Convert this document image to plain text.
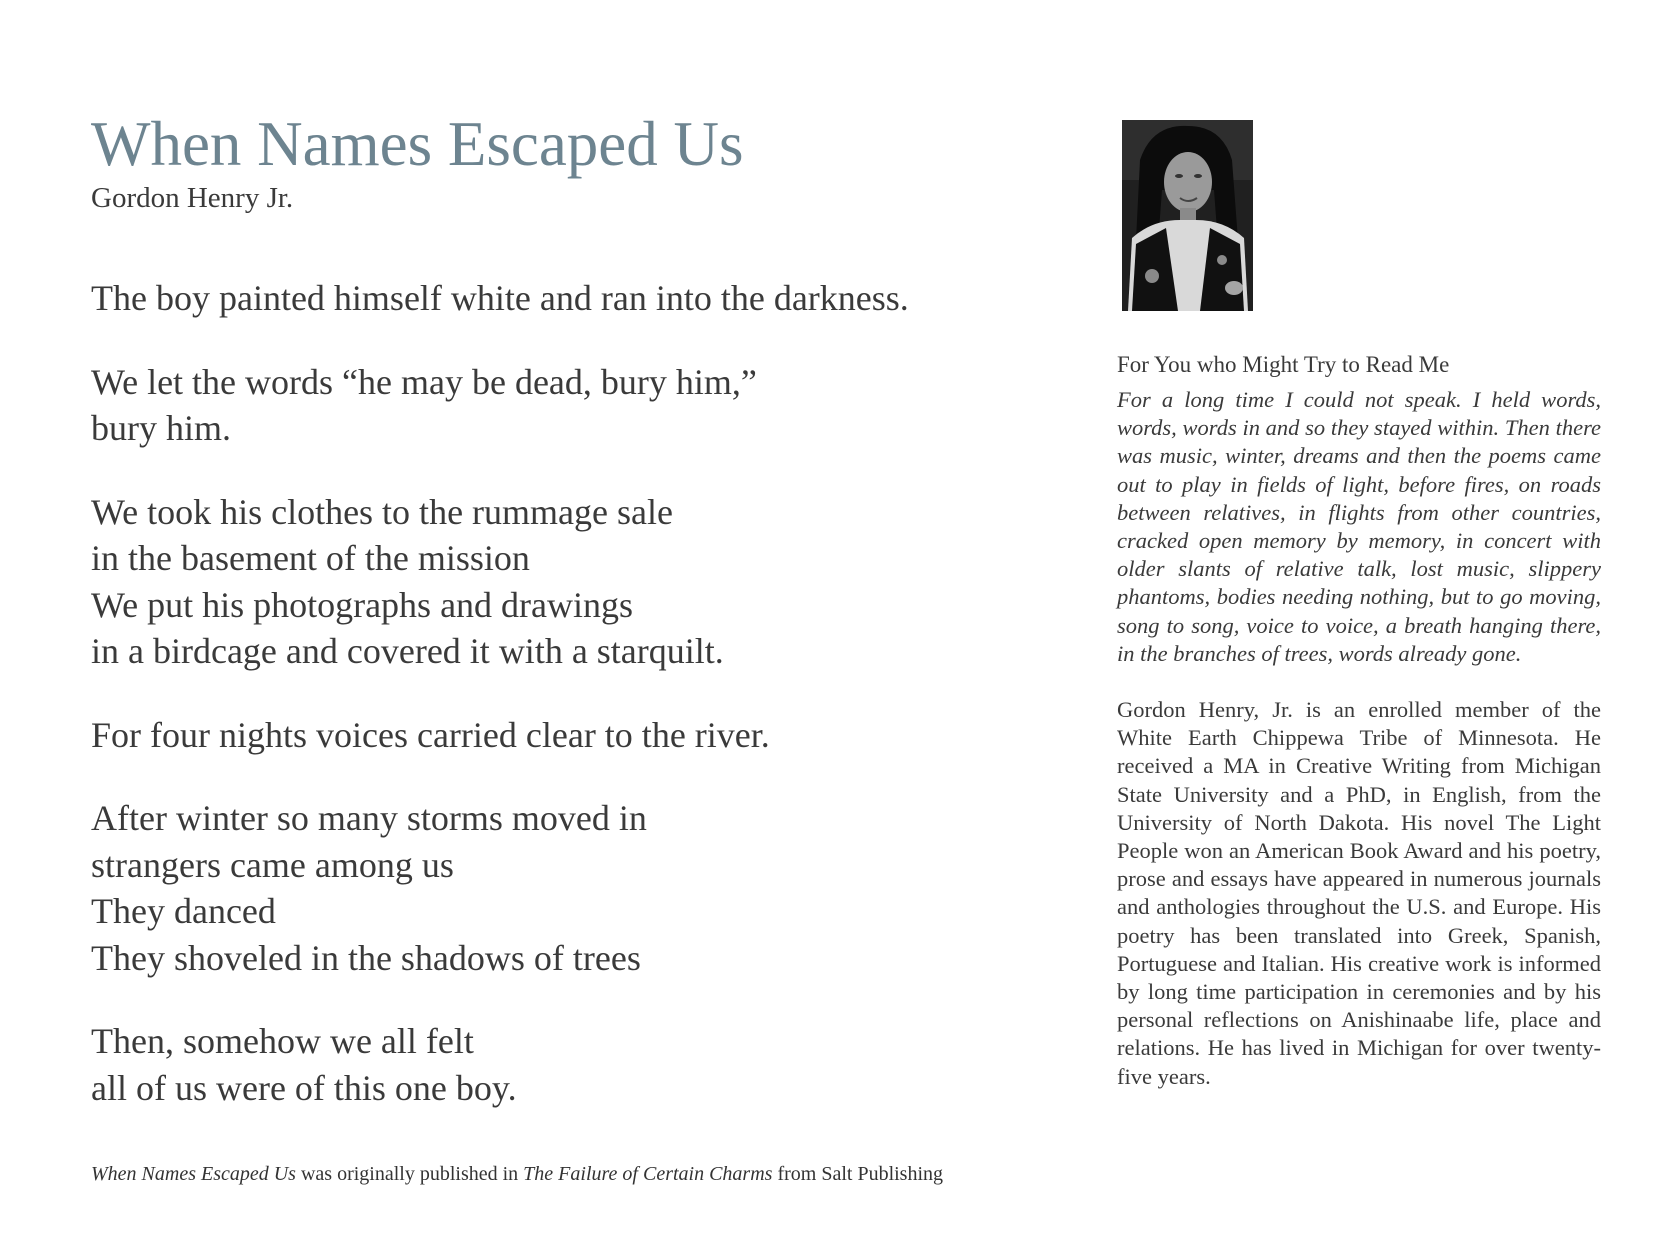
When Names Escaped Us

Gordon Henry Jr.

The boy painted himself white and ran into the darkness.

We let the words “he may be dead, bury him,”
bury him.

We took his clothes to the rummage sale
in the basement of the mission
We put his photographs and drawings
in a birdcage and covered it with a starquilt.

For four nights voices carried clear to the river.

After winter so many storms moved in
strangers came among us
They danced
They shoveled in the shadows of trees

Then, somehow we all felt
all of us were of this one boy.

When Names Escaped Us was originally published in The Failure of Certain Charms from Salt Publishing

For You who Might Try to Read Me

For a long time I could not speak. I held words, words, words in and so they stayed within. Then there was music, winter, dreams and then the poems came out to play in fields of light, before fires, on roads between relatives, in flights from other countries, cracked open memory by memory, in concert with older slants of relative talk, lost music, slippery phantoms, bodies needing nothing, but to go moving, song to song, voice to voice, a breath hanging there, in the branches of trees, words already gone.

Gordon Henry, Jr. is an enrolled member of the White Earth Chippewa Tribe of Minnesota. He received a MA in Creative Writing from Michigan State University and a PhD, in English, from the University of North Dakota. His novel The Light People won an American Book Award and his poetry, prose and essays have appeared in numerous journals and anthologies throughout the U.S. and Europe. His poetry has been translated into Greek, Spanish, Portuguese and Italian. His creative work is informed by long time participation in ceremonies and by his personal reflections on Anishinaabe life, place and relations. He has lived in Michigan for over twenty-five years.
